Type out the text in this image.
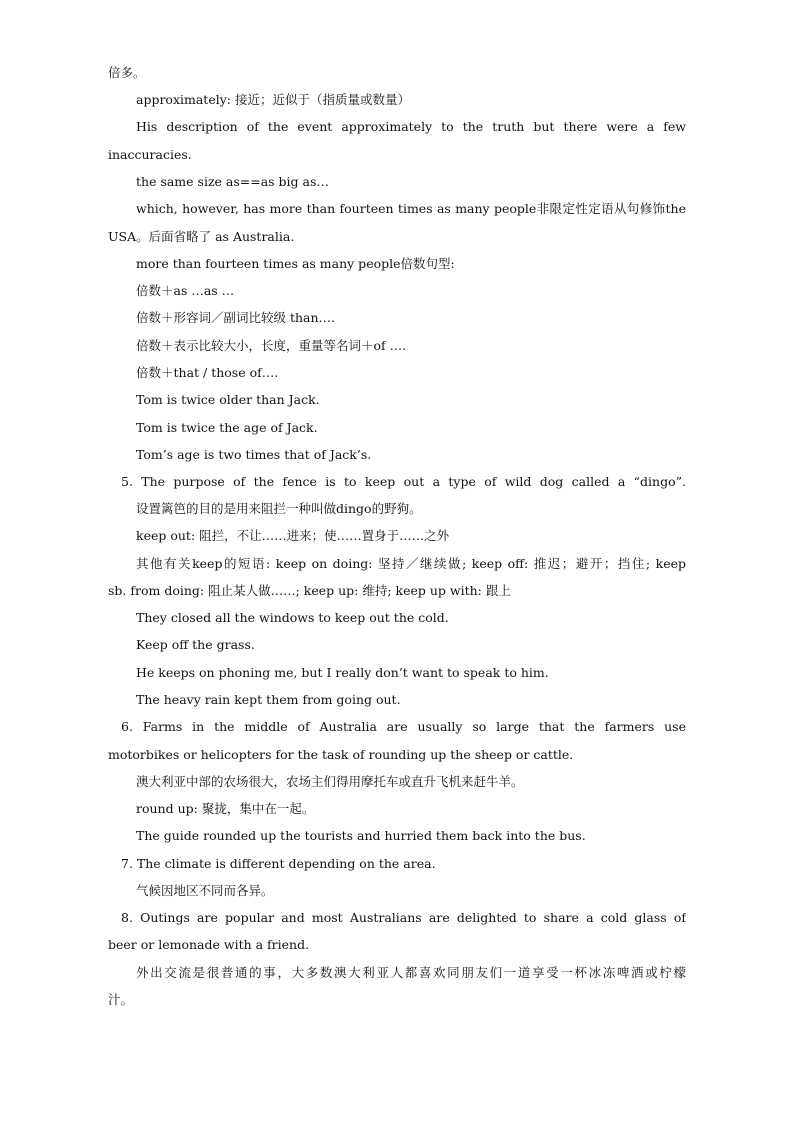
倍多。
approximately: 接近；近似于（指质量或数量）
His description of the event approximately to the truth but there were a few
inaccuracies.
the same size as==as big as…
which, however, has more than fourteen times as many people非限定性定语从句修饰the
USA。后面省略了 as Australia.
more than fourteen times as many people倍数句型:
倍数＋as …as …
倍数＋形容词／副词比较级 than….
倍数＋表示比较大小，长度，重量等名词＋of ….
倍数＋that / those of….
Tom is twice older than Jack.
Tom is twice the age of Jack.
Tom’s age is two times that of Jack’s.
5. The purpose of the fence is to keep out a type of wild dog called a “dingo”.
设置篱笆的目的是用来阻拦一种叫做dingo的野狗。
keep out: 阻拦，不让……进来；使……置身于……之外
其他有关keep的短语: keep on doing: 坚持／继续做; keep off: 推迟；避开；挡住; keep
sb. from doing: 阻止某人做……; keep up: 维持; keep up with: 跟上
They closed all the windows to keep out the cold.
Keep off the grass.
He keeps on phoning me, but I really don’t want to speak to him.
The heavy rain kept them from going out.
6. Farms in the middle of Australia are usually so large that the farmers use
motorbikes or helicopters for the task of rounding up the sheep or cattle.
澳大利亚中部的农场很大，农场主们得用摩托车或直升飞机来赶牛羊。
round up: 聚拢，集中在一起。
The guide rounded up the tourists and hurried them back into the bus.
7. The climate is different depending on the area.
气候因地区不同而各异。
8. Outings are popular and most Australians are delighted to share a cold glass of
beer or lemonade with a friend.
外出交流是很普通的事，大多数澳大利亚人都喜欢同朋友们一道享受一杯冰冻啤酒或柠檬
汁。
